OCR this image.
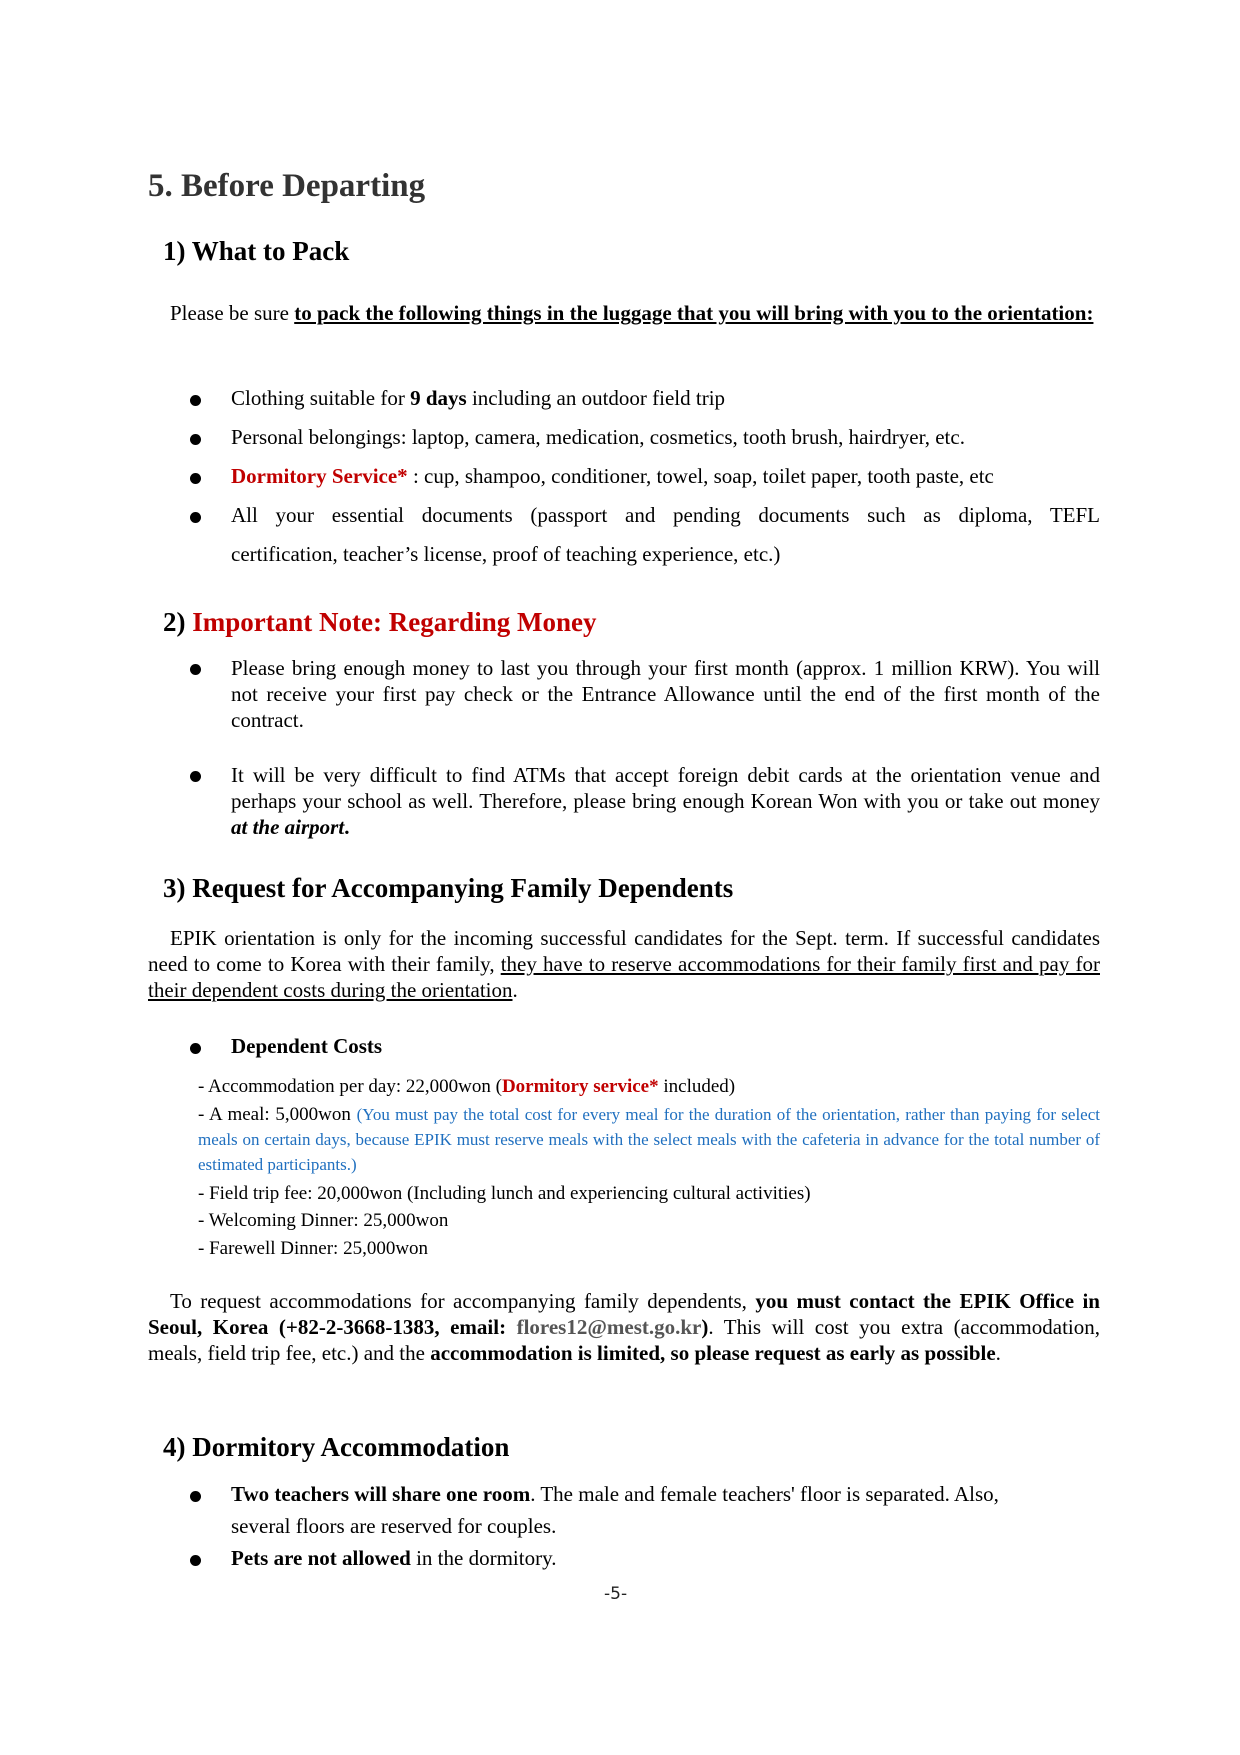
5. Before Departing
1) What to Pack
Please be sure to pack the following things in the luggage that you will bring with you to the orientation:
Clothing suitable for 9 days including an outdoor field trip
Personal belongings: laptop, camera, medication, cosmetics, tooth brush, hairdryer, etc.
Dormitory Service* : cup, shampoo, conditioner, towel, soap, toilet paper, tooth paste, etc
All your essential documents (passport and pending documents such as diploma, TEFL
certification, teacher’s license, proof of teaching experience, etc.)
2) Important Note: Regarding Money
Please bring enough money to last you through your first month (approx. 1 million KRW). You will not receive your first pay check or the Entrance Allowance until the end of the first month of the contract.
It will be very difficult to find ATMs that accept foreign debit cards at the orientation venue and perhaps your school as well. Therefore, please bring enough Korean Won with you or take out money at the airport.
3) Request for Accompanying Family Dependents
EPIK orientation is only for the incoming successful candidates for the Sept. term. If successful candidates need to come to Korea with their family, they have to reserve accommodations for their family first and pay for their dependent costs during the orientation.
Dependent Costs
- Accommodation per day: 22,000won (Dormitory service* included)
- A meal: 5,000won (You must pay the total cost for every meal for the duration of the orientation, rather than paying for select meals on certain days, because EPIK must reserve meals with the select meals with the cafeteria in advance for the total number of estimated participants.)
- Field trip fee: 20,000won (Including lunch and experiencing cultural activities)
- Welcoming Dinner: 25,000won
- Farewell Dinner: 25,000won
To request accommodations for accompanying family dependents, you must contact the EPIK Office in Seoul, Korea (+82-2-3668-1383, email: flores12@mest.go.kr). This will cost you extra (accommodation, meals, field trip fee, etc.) and the accommodation is limited, so please request as early as possible.
4) Dormitory Accommodation
Two teachers will share one room. The male and female teachers' floor is separated. Also,
several floors are reserved for couples.
Pets are not allowed in the dormitory.
-5-
